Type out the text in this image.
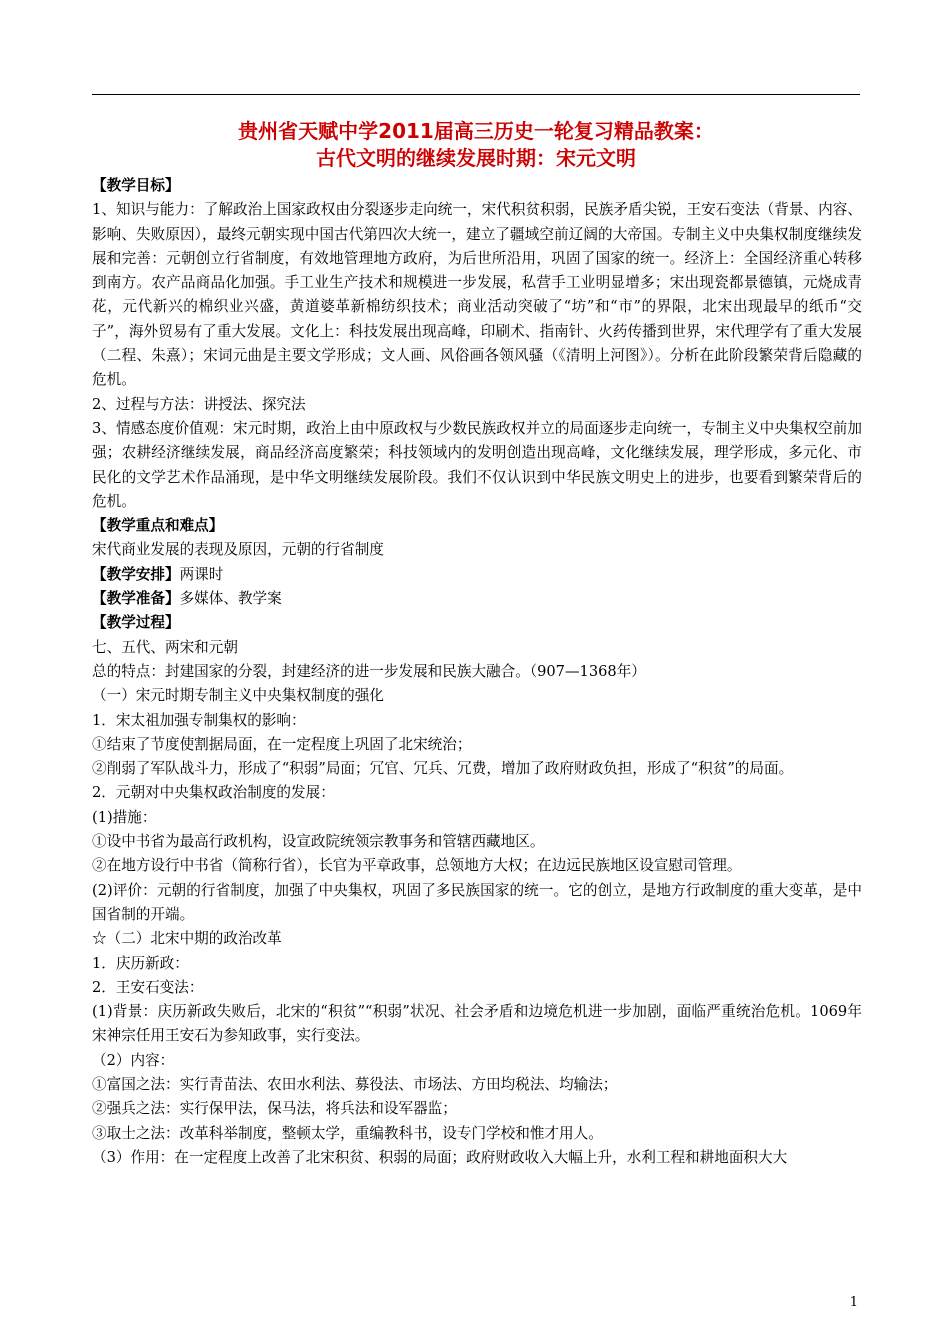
贵州省天赋中学2011届高三历史一轮复习精品教案：
古代文明的继续发展时期：宋元文明

【教学目标】

1、知识与能力：了解政治上国家政权由分裂逐步走向统一，宋代积贫积弱，民族矛盾尖锐，王安石变法（背景、内容、影响、失败原因），最终元朝实现中国古代第四次大统一，建立了疆域空前辽阔的大帝国。专制主义中央集权制度继续发展和完善：元朝创立行省制度，有效地管理地方政府，为后世所沿用，巩固了国家的统一。经济上：全国经济重心转移到南方。农产品商品化加强。手工业生产技术和规模进一步发展，私营手工业明显增多；宋出现瓷都景德镇，元烧成青花，元代新兴的棉织业兴盛，黄道婆革新棉纺织技术；商业活动突破了“坊”和“市”的界限，北宋出现最早的纸币“交子”，海外贸易有了重大发展。文化上：科技发展出现高峰，印刷术、指南针、火药传播到世界，宋代理学有了重大发展（二程、朱熹）；宋词元曲是主要文学形成；文人画、风俗画各领风骚（《清明上河图》）。分析在此阶段繁荣背后隐藏的危机。

2、过程与方法：讲授法、探究法

3、情感态度价值观：宋元时期，政治上由中原政权与少数民族政权并立的局面逐步走向统一，专制主义中央集权空前加强；农耕经济继续发展，商品经济高度繁荣；科技领域内的发明创造出现高峰，文化继续发展，理学形成，多元化、市民化的文学艺术作品涌现，是中华文明继续发展阶段。我们不仅认识到中华民族文明史上的进步，也要看到繁荣背后的危机。

【教学重点和难点】

宋代商业发展的表现及原因，元朝的行省制度

【教学安排】两课时

【教学准备】多媒体、教学案

【教学过程】

七、五代、两宋和元朝

总的特点：封建国家的分裂，封建经济的进一步发展和民族大融合。（907—1368年）

（一）宋元时期专制主义中央集权制度的强化

1．宋太祖加强专制集权的影响：

①结束了节度使割据局面，在一定程度上巩固了北宋统治；

②削弱了军队战斗力，形成了“积弱”局面；冗官、冗兵、冗费，增加了政府财政负担，形成了“积贫”的局面。

2．元朝对中央集权政治制度的发展：

(1)措施：

①设中书省为最高行政机构，设宣政院统领宗教事务和管辖西藏地区。

②在地方设行中书省（简称行省），长官为平章政事，总领地方大权；在边远民族地区设宣慰司管理。

(2)评价：元朝的行省制度，加强了中央集权，巩固了多民族国家的统一。它的创立，是地方行政制度的重大变革，是中国省制的开端。

☆（二）北宋中期的政治改革

1．庆历新政：

2．王安石变法：

(1)背景：庆历新政失败后，北宋的“积贫”“积弱”状况、社会矛盾和边境危机进一步加剧，面临严重统治危机。1069年宋神宗任用王安石为参知政事，实行变法。

（2）内容：

①富国之法：实行青苗法、农田水利法、募役法、市场法、方田均税法、均输法；

②强兵之法：实行保甲法，保马法，将兵法和设军器监；

③取士之法：改革科举制度，整顿太学，重编教科书，设专门学校和惟才用人。

（3）作用：在一定程度上改善了北宋积贫、积弱的局面；政府财政收入大幅上升，水利工程和耕地面积大大

1
